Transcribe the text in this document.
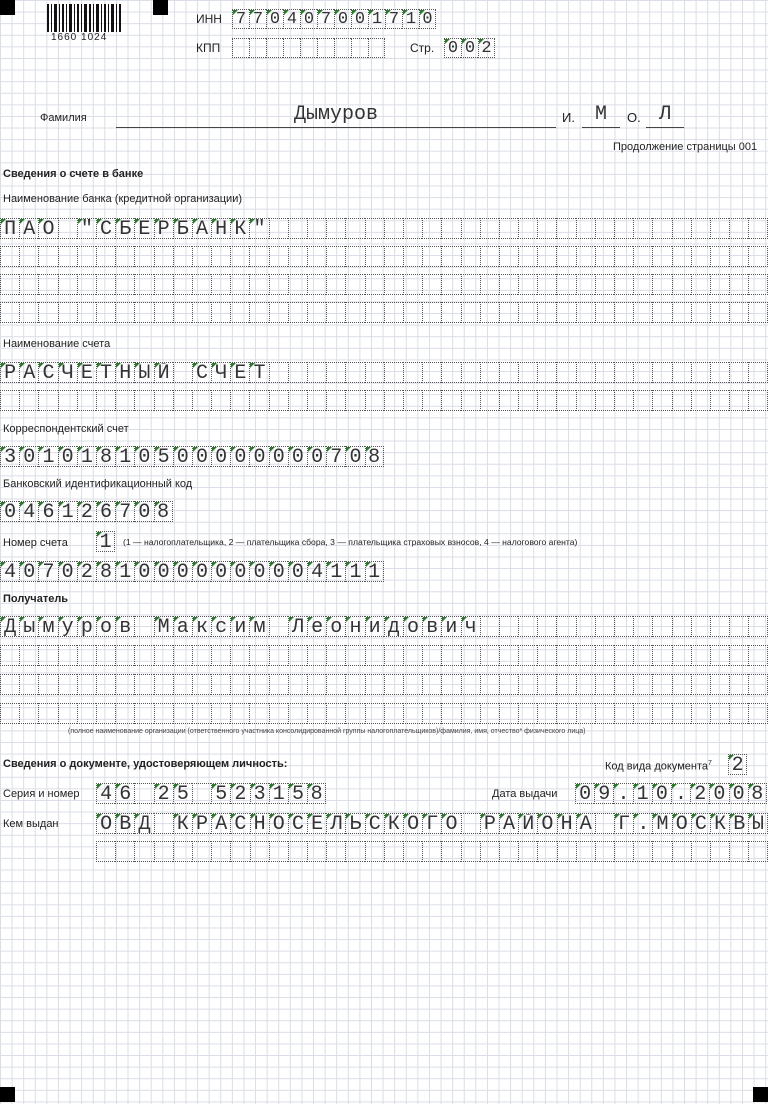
1660 1024
ИНН 7 7 0 4 0 7 0 0 1 7 1 0
КПП	Стр. 0 0 2
Фамилия	Дымуров	И.	М	О. Л
Продолжение страницы 001
Сведения о счете в банке
Наименование банка (кредитной организации)
П А О " С Б Е Р Б А Н К "
Наименование счета
Р А С Ч Е Т Н Ы Й С Ч Е Т
Корреспондентский счет
3 0 1 0 1 8 1 0 5 0 0 0 0 0 0 0 0 7 0 8
Банковский идентификационный код
0 4 6 1 2 6 7 0 8
Номер счета 1	(1 — налогоплательщика, 2 — плательщика сбора, 3 — плательщика страховых взносов, 4 — налогового агента)
4 0 7 0 2 8 1 0 0 0 0 0 0 0 0 0 4 1 1 1
Получатель
Д ы м у р о в М а к с и м Л е о н и д о в и ч
(полное наименование организации (ответственного участника консолидированной группы налогоплательщиков)/фамилия, имя, отчество* физического лица)
Сведения о документе, удостоверяющем личность:	Код вида документа$^7$ 2
Серия и номер 4 6 2 5 5 2 3 1 5 8	Дата выдачи 0 9 . 1 0 . 2 0 0 8
Кем выдан О В Д К Р А С Н О С Е Л Ь С К О Г О Р А Й О Н А Г . М О С К В Ы
